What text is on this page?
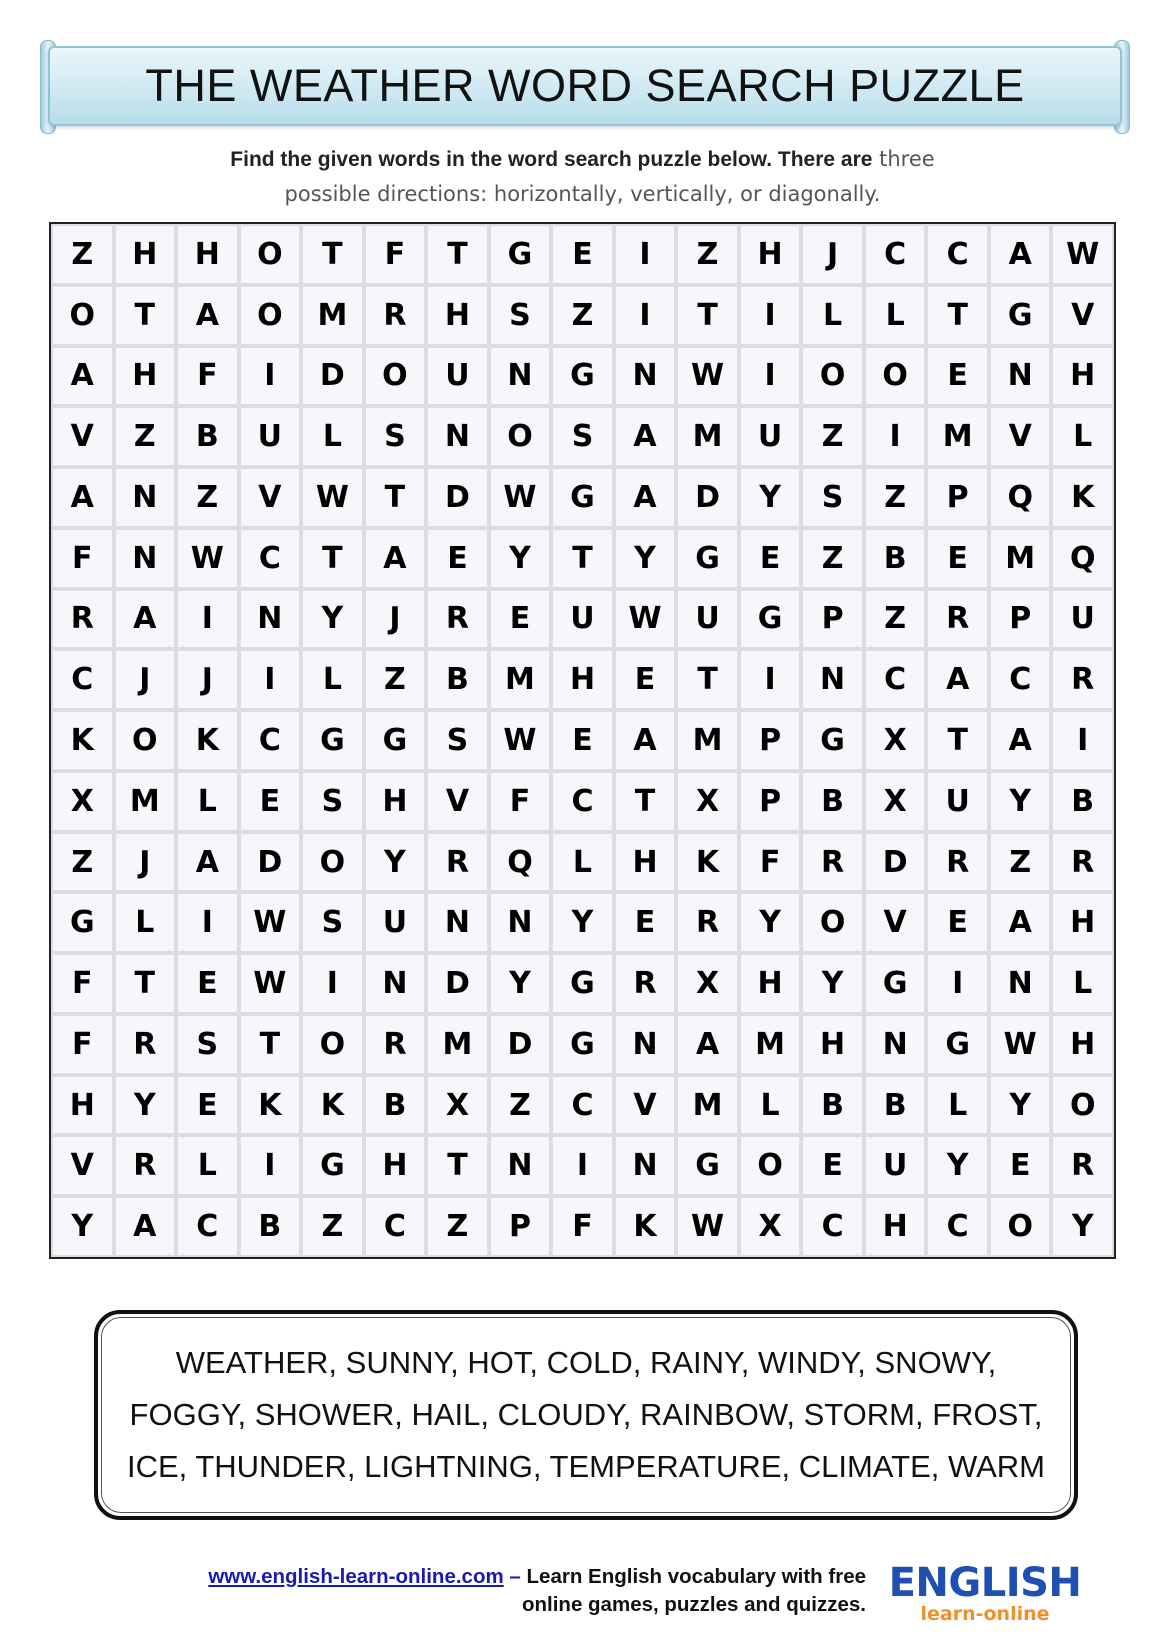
THE WEATHER WORD SEARCH PUZZLE
Find the given words in the word search puzzle below. There are three
possible directions: horizontally, vertically, or diagonally.
Z	H	H	O	T	F	T	G	E	I	Z	H	J	C	C	A	W
O	T	A	O	M	R	H	S	Z	I	T	I	L	L	T	G	V
A	H	F	I	D	O	U	N	G	N	W	I	O	O	E	N	H
V	Z	B	U	L	S	N	O	S	A	M	U	Z	I	M	V	L
A	N	Z	V	W	T	D	W	G	A	D	Y	S	Z	P	Q	K
F	N	W	C	T	A	E	Y	T	Y	G	E	Z	B	E	M	Q
R	A	I	N	Y	J	R	E	U	W	U	G	P	Z	R	P	U
C	J	J	I	L	Z	B	M	H	E	T	I	N	C	A	C	R
K	O	K	C	G	G	S	W	E	A	M	P	G	X	T	A	I
X	M	L	E	S	H	V	F	C	T	X	P	B	X	U	Y	B
Z	J	A	D	O	Y	R	Q	L	H	K	F	R	D	R	Z	R
G	L	I	W	S	U	N	N	Y	E	R	Y	O	V	E	A	H
F	T	E	W	I	N	D	Y	G	R	X	H	Y	G	I	N	L
F	R	S	T	O	R	M	D	G	N	A	M	H	N	G	W	H
H	Y	E	K	K	B	X	Z	C	V	M	L	B	B	L	Y	O
V	R	L	I	G	H	T	N	I	N	G	O	E	U	Y	E	R
Y	A	C	B	Z	C	Z	P	F	K	W	X	C	H	C	O	Y
WEATHER, SUNNY, HOT, COLD, RAINY, WINDY, SNOWY,
FOGGY, SHOWER, HAIL, CLOUDY, RAINBOW, STORM, FROST,
ICE, THUNDER, LIGHTNING, TEMPERATURE, CLIMATE, WARM
www.english-learn-online.com – Learn English vocabulary with free
online games, puzzles and quizzes. ENGLISH
learn-online
